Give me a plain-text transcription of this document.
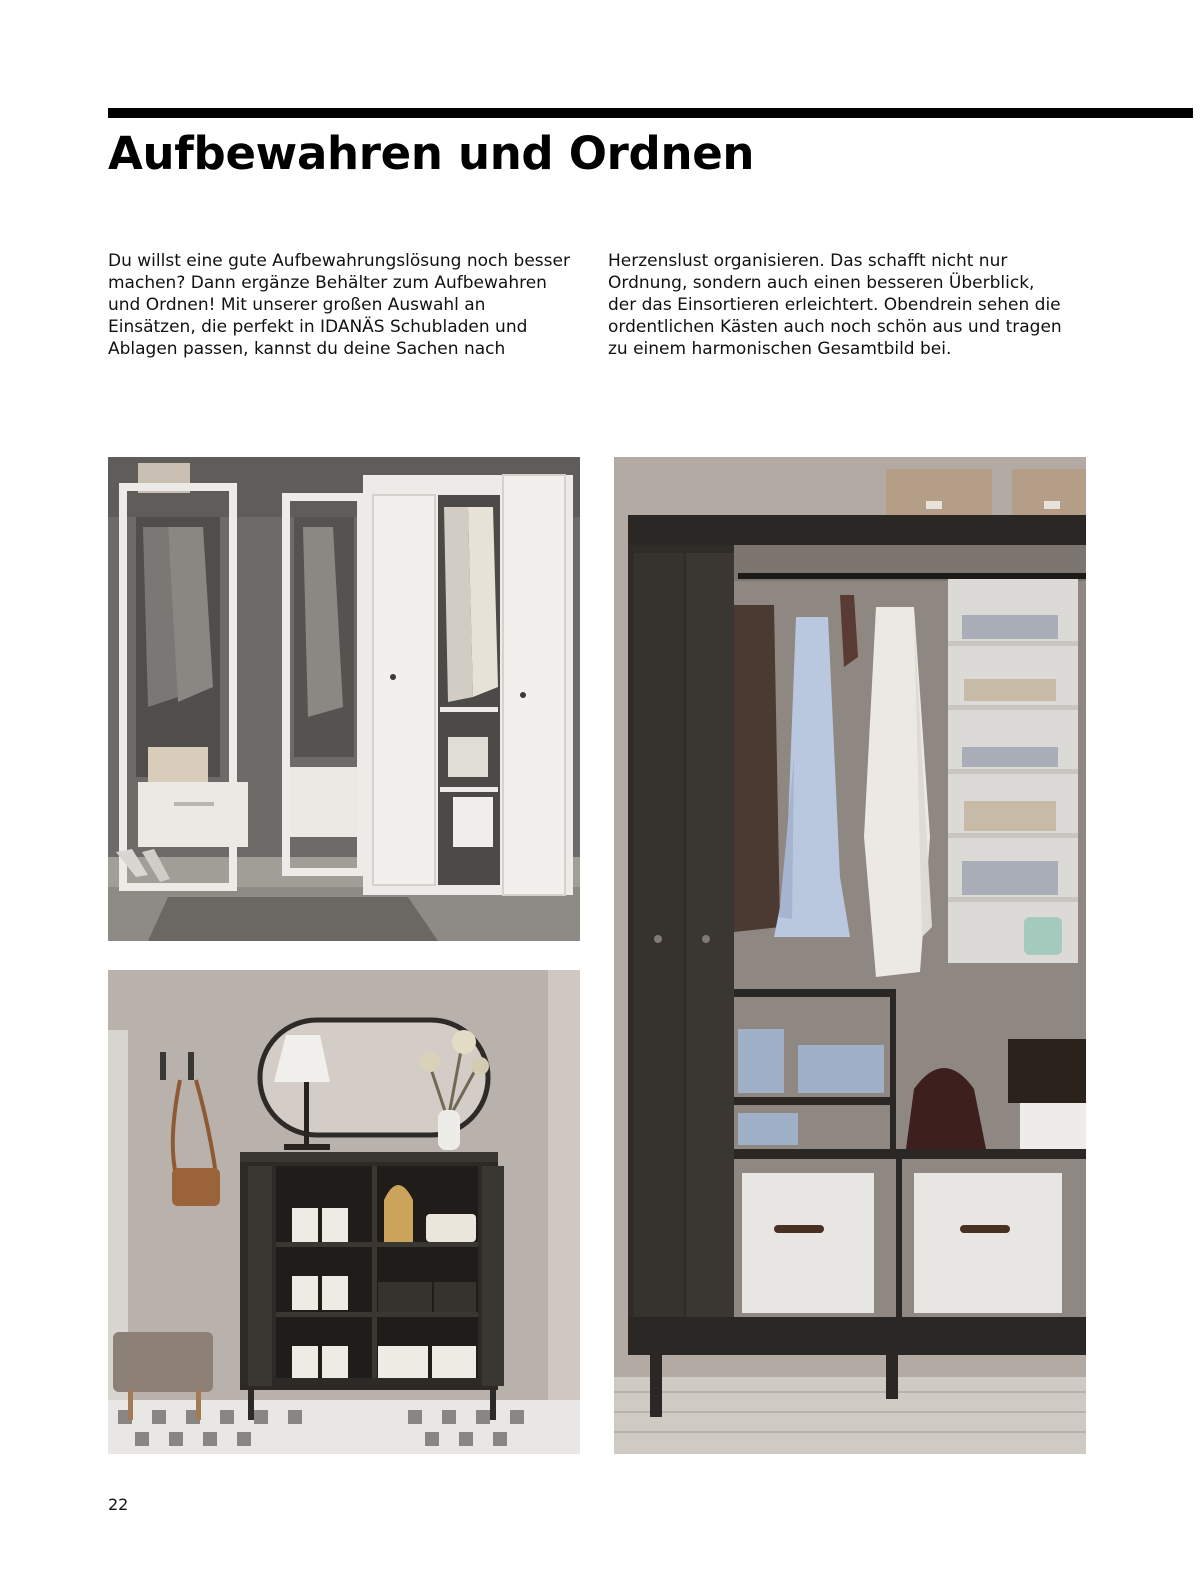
Aufbewahren und Ordnen

Du willst eine gute Aufbewahrungslösung noch besser
machen? Dann ergänze Behälter zum Aufbewahren
und Ordnen! Mit unserer großen Auswahl an
Einsätzen, die perfekt in IDANÄS Schubladen und
Ablagen passen, kannst du deine Sachen nach

Herzenslust organisieren. Das schafft nicht nur
Ordnung, sondern auch einen besseren Überblick,
der das Einsortieren erleichtert. Obendrein sehen die
ordentlichen Kästen auch noch schön aus und tragen
zu einem harmonischen Gesamtbild bei.

22
